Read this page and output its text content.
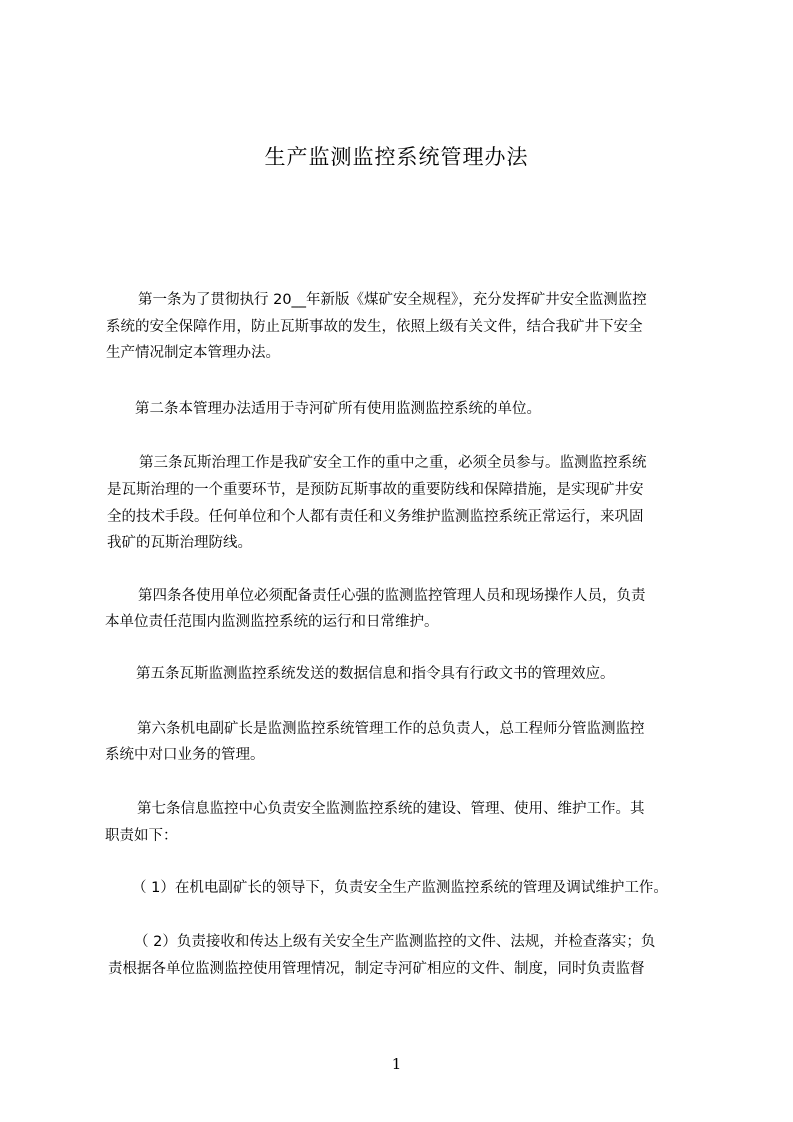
生产监测监控系统管理办法
第一条为了贯彻执行 20__年新版《煤矿安全规程》，充分发挥矿井安全监测监控
系统的安全保障作用，防止瓦斯事故的发生，依照上级有关文件，结合我矿井下安全
生产情况制定本管理办法。
第二条本管理办法适用于寺河矿所有使用监测监控系统的单位。
第三条瓦斯治理工作是我矿安全工作的重中之重，必须全员参与。监测监控系统
是瓦斯治理的一个重要环节，是预防瓦斯事故的重要防线和保障措施，是实现矿井安
全的技术手段。任何单位和个人都有责任和义务维护监测监控系统正常运行，来巩固
我矿的瓦斯治理防线。
第四条各使用单位必须配备责任心强的监测监控管理人员和现场操作人员，负责
本单位责任范围内监测监控系统的运行和日常维护。
第五条瓦斯监测监控系统发送的数据信息和指令具有行政文书的管理效应。
第六条机电副矿长是监测监控系统管理工作的总负责人，总工程师分管监测监控
系统中对口业务的管理。
第七条信息监控中心负责安全监测监控系统的建设、管理、使用、维护工作。其
职责如下：
（ 1）在机电副矿长的领导下，负责安全生产监测监控系统的管理及调试维护工作。
（ 2）负责接收和传达上级有关安全生产监测监控的文件、法规，并检查落实；负
责根据各单位监测监控使用管理情况，制定寺河矿相应的文件、制度，同时负责监督
1
